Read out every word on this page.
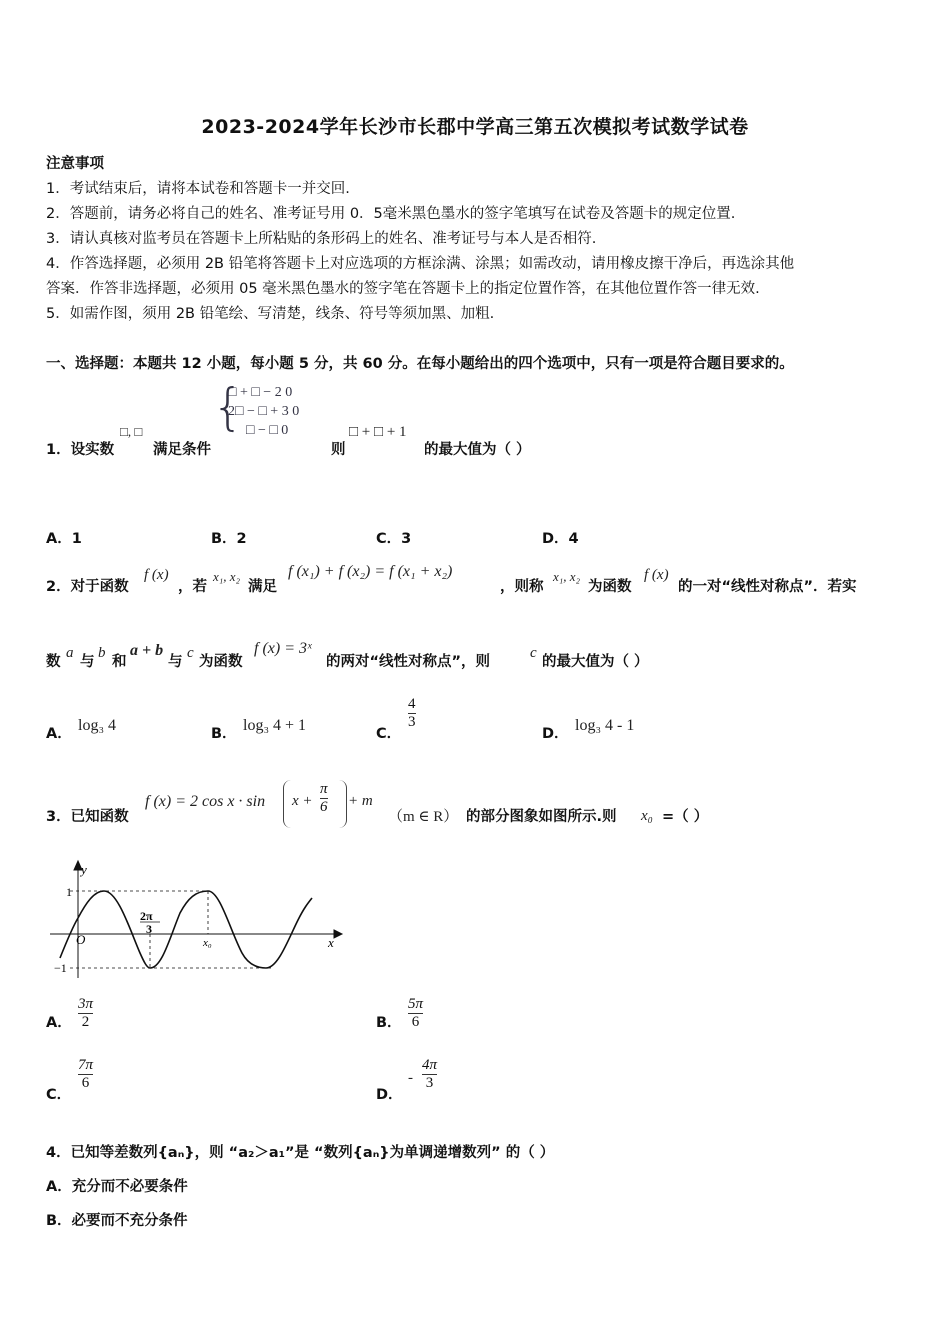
2023-2024学年长沙市长郡中学高三第五次模拟考试数学试卷
注意事项
1．考试结束后，请将本试卷和答题卡一并交回.
2．答题前，请务必将自己的姓名、准考证号用 0．5毫米黑色墨水的签字笔填写在试卷及答题卡的规定位置.
3．请认真核对监考员在答题卡上所粘贴的条形码上的姓名、准考证号与本人是否相符.
4．作答选择题，必须用 2B 铅笔将答题卡上对应选项的方框涂满、涂黑；如需改动，请用橡皮擦干净后，再选涂其他
答案．作答非选择题，必须用 05 毫米黑色墨水的签字笔在答题卡上的指定位置作答，在其他位置作答一律无效.
5．如需作图，须用 2B 铅笔绘、写清楚，线条、符号等须加黑、加粗.
一、选择题：本题共 12 小题，每小题 5 分，共 60 分。在每小题给出的四个选项中，只有一项是符合题目要求的。
1．设实数
□, □
满足条件
{
□ + □ − 2 0
2□ − □ + 3 0
□ − □ 0
则
□ + □ + 1
的最大值为（ ）
A．1	B．2	C．3	D．4
2．对于函数
f (x)
，若
x₁, x₂
满足
f (x₁) + f (x₂) = f (x₁ + x₂)
，则称
x₁, x₂
为函数
f (x)
的一对“线性对称点”．若实
数
a
与
b
和
a + b
与
c
为函数
f (x) = 3ˣ
的两对“线性对称点”，则
c
的最大值为（ ）
A． log₃ 4	B． log₃ 4 + 1	C．
4
3
D． log₃ 4 - 1
3．已知函数
f (x) = 2 cos x · sin x +
π
6 + m
（m ∈ R） 的部分图象如图所示.则 x₀ =（ ）
y
x
O
1
−1
2π
3
x₀
A．
3π
2	B．
5π
6
C．
7π
6
D．
-
4π
3
4．已知等差数列{aₙ}，则 “a₂＞a₁”是 “数列{aₙ}为单调递增数列” 的（ ）
A．充分而不必要条件
B．必要而不充分条件
